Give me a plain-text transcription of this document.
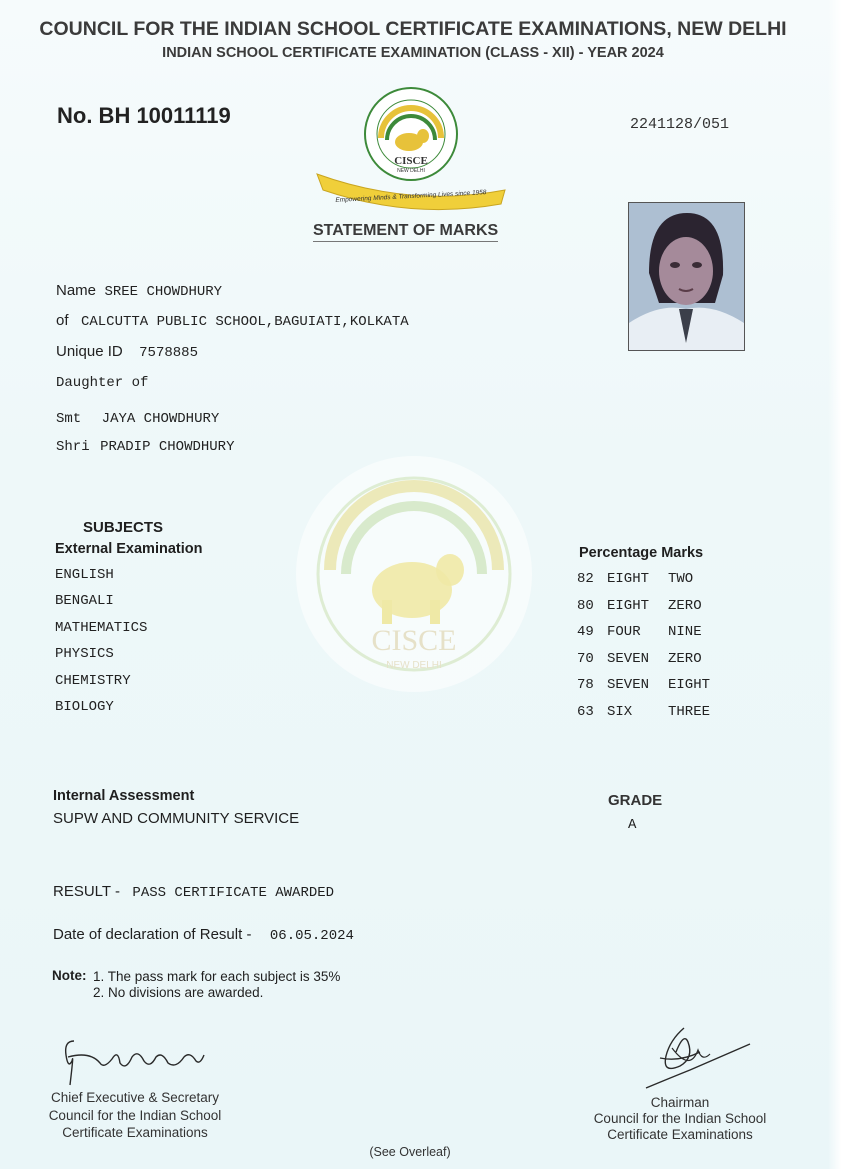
CISCE
NEW DELHI
COUNCIL FOR THE INDIAN SCHOOL CERTIFICATE EXAMINATIONS, NEW DELHI
INDIAN SCHOOL CERTIFICATE EXAMINATION (CLASS - XII) - YEAR 2024
No. BH 10011119	2241128/051
CISCE
NEW DELHI
Empowering Minds & Transforming Lives since 1958
STATEMENT OF MARKS
Name SREE CHOWDHURY
of CALCUTTA PUBLIC SCHOOL,BAGUIATI,KOLKATA
Unique ID 7578885
Daughter of
Smt JAYA CHOWDHURY
Shri PRADIP CHOWDHURY
SUBJECTS
External Examination	Percentage Marks
ENGLISH
BENGALI
MATHEMATICS
PHYSICS
CHEMISTRY
BIOLOGY
82
80
49
70
78
63
EIGHT
EIGHT
FOUR
SEVEN
SEVEN
SIX
TWO
ZERO
NINE
ZERO
EIGHT
THREE
Internal Assessment
SUPW AND COMMUNITY SERVICE
GRADE
A
RESULT - PASS CERTIFICATE AWARDED
Date of declaration of Result - 06.05.2024
Note: 1. The pass mark for each subject is 35%
2. No divisions are awarded.
Chief Executive & Secretary
Council for the Indian School
Certificate Examinations
Chairman
Council for the Indian School
Certificate Examinations
(See Overleaf)
